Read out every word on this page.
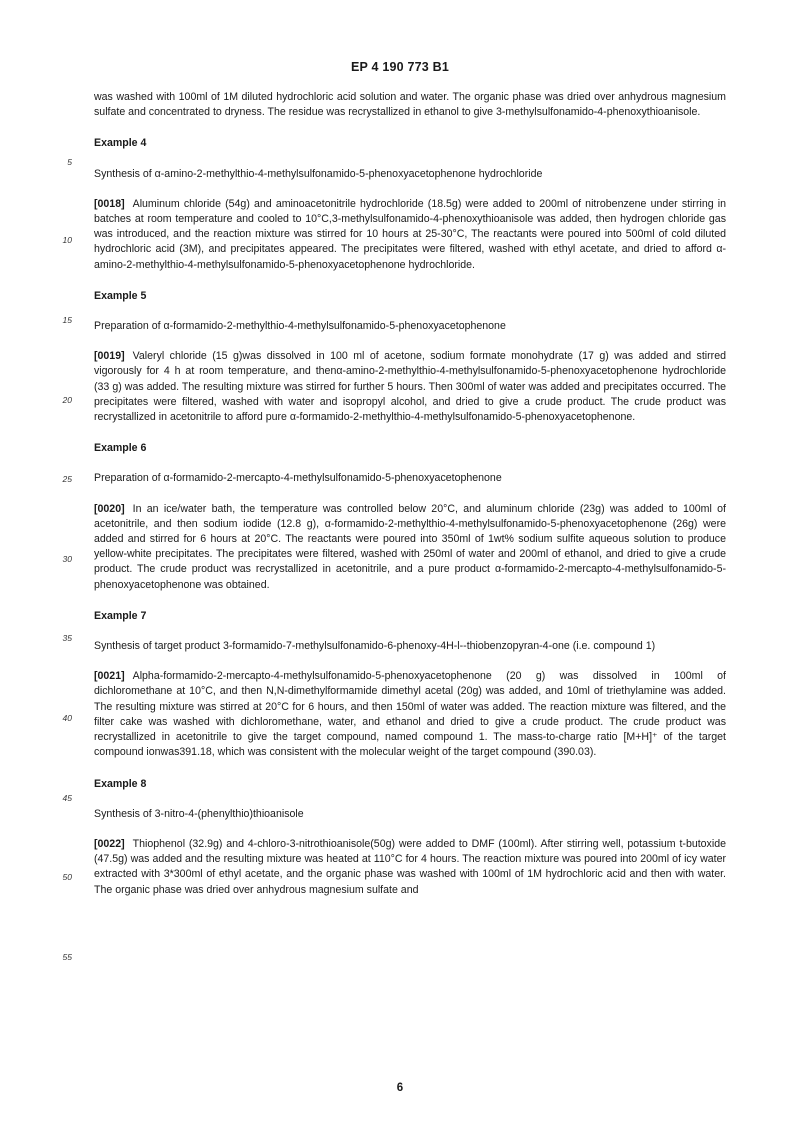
EP 4 190 773 B1
5
10
15
20
25
30
35
40
45
50
55

was washed with 100ml of 1M diluted hydrochloric acid solution and water. The organic phase was dried over anhydrous magnesium sulfate and concentrated to dryness. The residue was recrystallized in ethanol to give 3-methylsulfonamido-4-phenoxythioanisole.

Example 4

Synthesis of α-amino-2-methylthio-4-methylsulfonamido-5-phenoxyacetophenone hydrochloride

[0018] Aluminum chloride (54g) and aminoacetonitrile hydrochloride (18.5g) were added to 200ml of nitrobenzene under stirring in batches at room temperature and cooled to 10°C,3-methylsulfonamido-4-phenoxythioanisole was added, then hydrogen chloride gas was introduced, and the reaction mixture was stirred for 10 hours at 25-30°C, The reactants were poured into 500ml of cold diluted hydrochloric acid (3M), and precipitates appeared. The precipitates were filtered, washed with ethyl acetate, and dried to afford α-amino-2-methylthio-4-methylsulfonamido-5-phenoxyacetophenone hydrochloride.

Example 5

Preparation of α-formamido-2-methylthio-4-methylsulfonamido-5-phenoxyacetophenone

[0019] Valeryl chloride (15 g)was dissolved in 100 ml of acetone, sodium formate monohydrate (17 g) was added and stirred vigorously for 4 h at room temperature, and thenα-amino-2-methylthio-4-methylsulfonamido-5-phenoxyacetophenone hydrochloride (33 g) was added. The resulting mixture was stirred for further 5 hours. Then 300ml of water was added and precipitates occurred. The precipitates were filtered, washed with water and isopropyl alcohol, and dried to give a crude product. The crude product was recrystallized in acetonitrile to afford pure α-formamido-2-methylthio-4-methylsulfonamido-5-phenoxyacetophenone.

Example 6

Preparation of α-formamido-2-mercapto-4-methylsulfonamido-5-phenoxyacetophenone

[0020] In an ice/water bath, the temperature was controlled below 20°C, and aluminum chloride (23g) was added to 100ml of acetonitrile, and then sodium iodide (12.8 g), α-formamido-2-methylthio-4-methylsulfonamido-5-phenoxyacetophenone (26g) were added and stirred for 6 hours at 20°C. The reactants were poured into 350ml of 1wt% sodium sulfite aqueous solution to produce yellow-white precipitates. The precipitates were filtered, washed with 250ml of water and 200ml of ethanol, and dried to give a crude product. The crude product was recrystallized in acetonitrile, and a pure product α-formamido-2-mercapto-4-methylsulfonamido-5-phenoxyacetophenone was obtained.

Example 7

Synthesis of target product 3-formamido-7-methylsulfonamido-6-phenoxy-4H-l--thiobenzopyran-4-one (i.e. compound 1)

[0021] Alpha-formamido-2-mercapto-4-methylsulfonamido-5-phenoxyacetophenone (20 g) was dissolved in 100ml of dichloromethane at 10°C, and then N,N-dimethylformamide dimethyl acetal (20g) was added, and 10ml of triethylamine was added. The resulting mixture was stirred at 20°C for 6 hours, and then 150ml of water was added. The reaction mixture was filtered, and the filter cake was washed with dichloromethane, water, and ethanol and dried to give a crude product. The crude product was recrystallized in acetonitrile to give the target compound, named compound 1. The mass-to-charge ratio [M+H]⁺ of the target compound ionwas391.18, which was consistent with the molecular weight of the target compound (390.03).

Example 8

Synthesis of 3-nitro-4-(phenylthio)thioanisole

[0022] Thiophenol (32.9g) and 4-chloro-3-nitrothioanisole(50g) were added to DMF (100ml). After stirring well, potassium t-butoxide (47.5g) was added and the resulting mixture was heated at 110°C for 4 hours. The reaction mixture was poured into 200ml of icy water extracted with 3*300ml of ethyl acetate, and the organic phase was washed with 100ml of 1M hydrochloric acid and then with water. The organic phase was dried over anhydrous magnesium sulfate and

6
